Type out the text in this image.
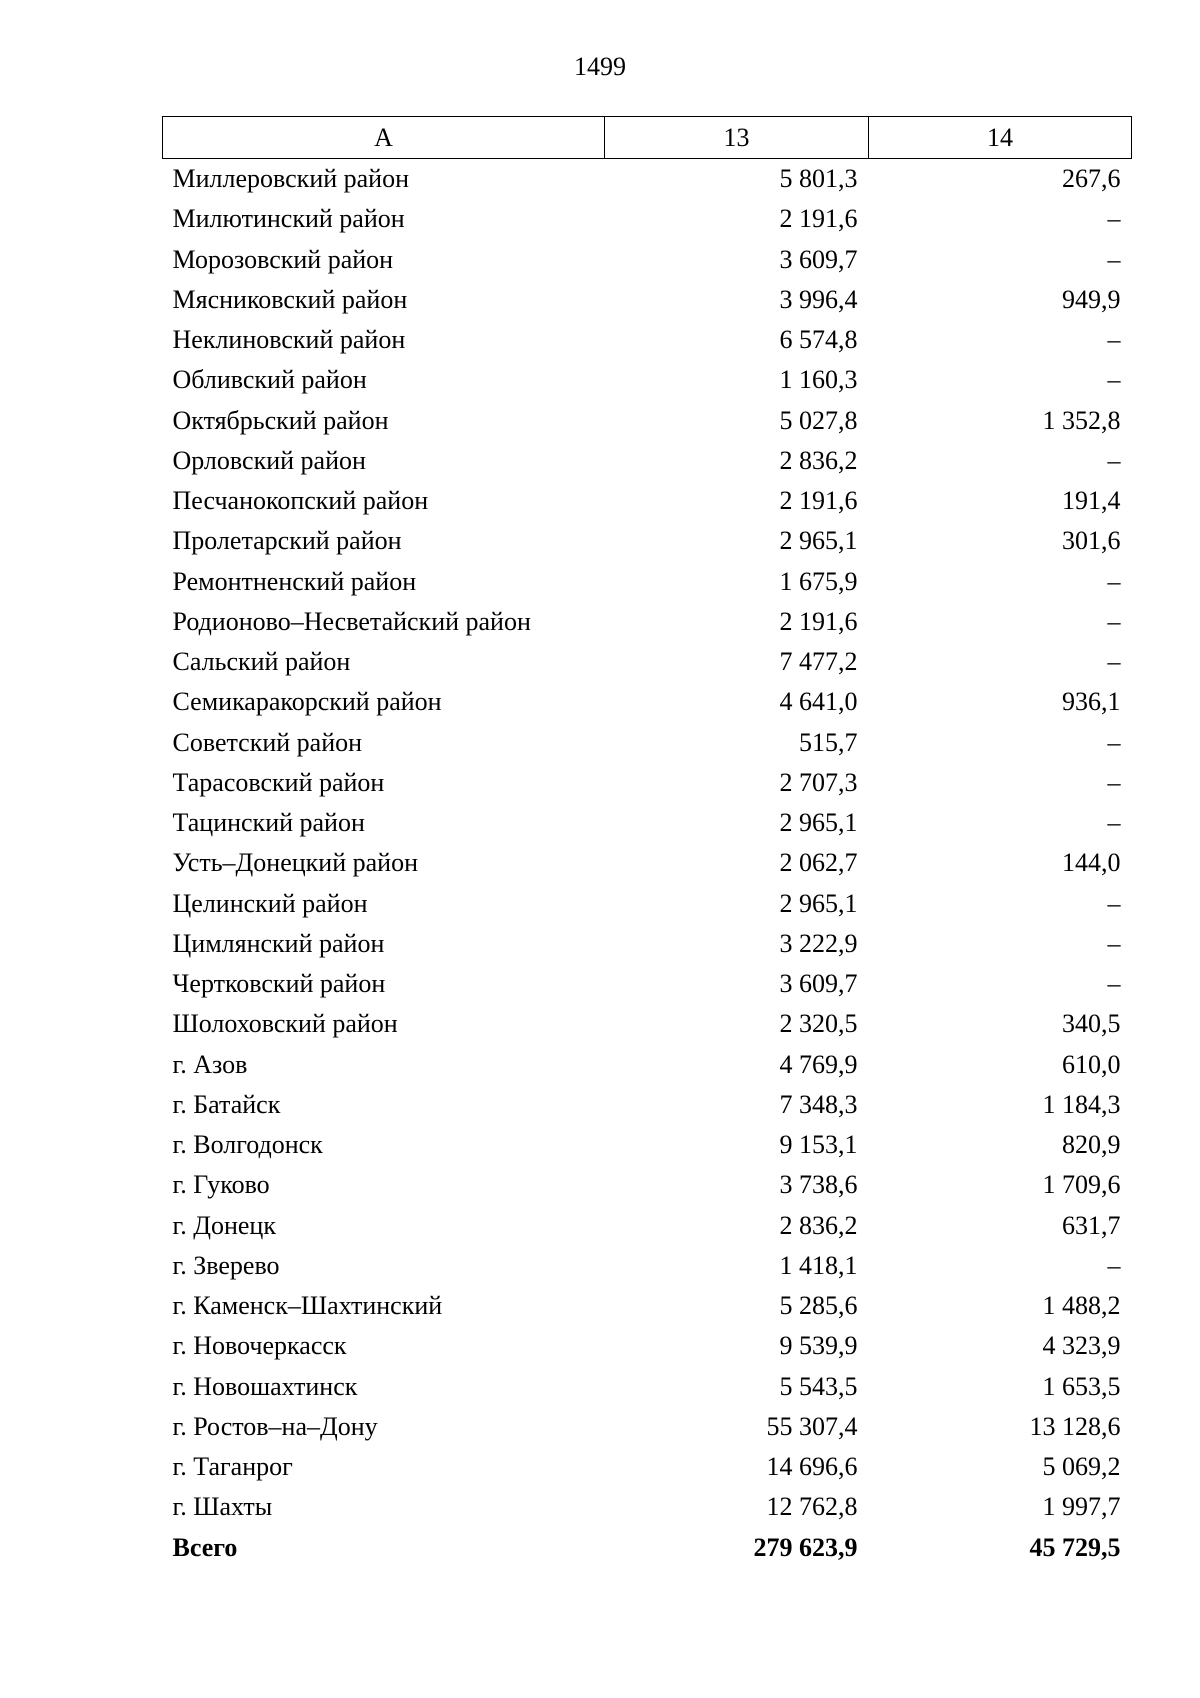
1499
А	13	14
Миллеровский район	5 801,3	267,6
Милютинский район	2 191,6	–
Морозовский район	3 609,7	–
Мясниковский район	3 996,4	949,9
Неклиновский район	6 574,8	–
Обливский район	1 160,3	–
Октябрьский район	5 027,8	1 352,8
Орловский район	2 836,2	–
Песчанокопский район	2 191,6	191,4
Пролетарский район	2 965,1	301,6
Ремонтненский район	1 675,9	–
Родионово–Несветайский район	2 191,6	–
Сальский район	7 477,2	–
Семикаракорский район	4 641,0	936,1
Советский район	515,7	–
Тарасовский район	2 707,3	–
Тацинский район	2 965,1	–
Усть–Донецкий район	2 062,7	144,0
Целинский район	2 965,1	–
Цимлянский район	3 222,9	–
Чертковский район	3 609,7	–
Шолоховский район	2 320,5	340,5
г. Азов	4 769,9	610,0
г. Батайск	7 348,3	1 184,3
г. Волгодонск	9 153,1	820,9
г. Гуково	3 738,6	1 709,6
г. Донецк	2 836,2	631,7
г. Зверево	1 418,1	–
г. Каменск–Шахтинский	5 285,6	1 488,2
г. Новочеркасск	9 539,9	4 323,9
г. Новошахтинск	5 543,5	1 653,5
г. Ростов–на–Дону	55 307,4	13 128,6
г. Таганрог	14 696,6	5 069,2
г. Шахты	12 762,8	1 997,7
Всего	279 623,9	45 729,5
